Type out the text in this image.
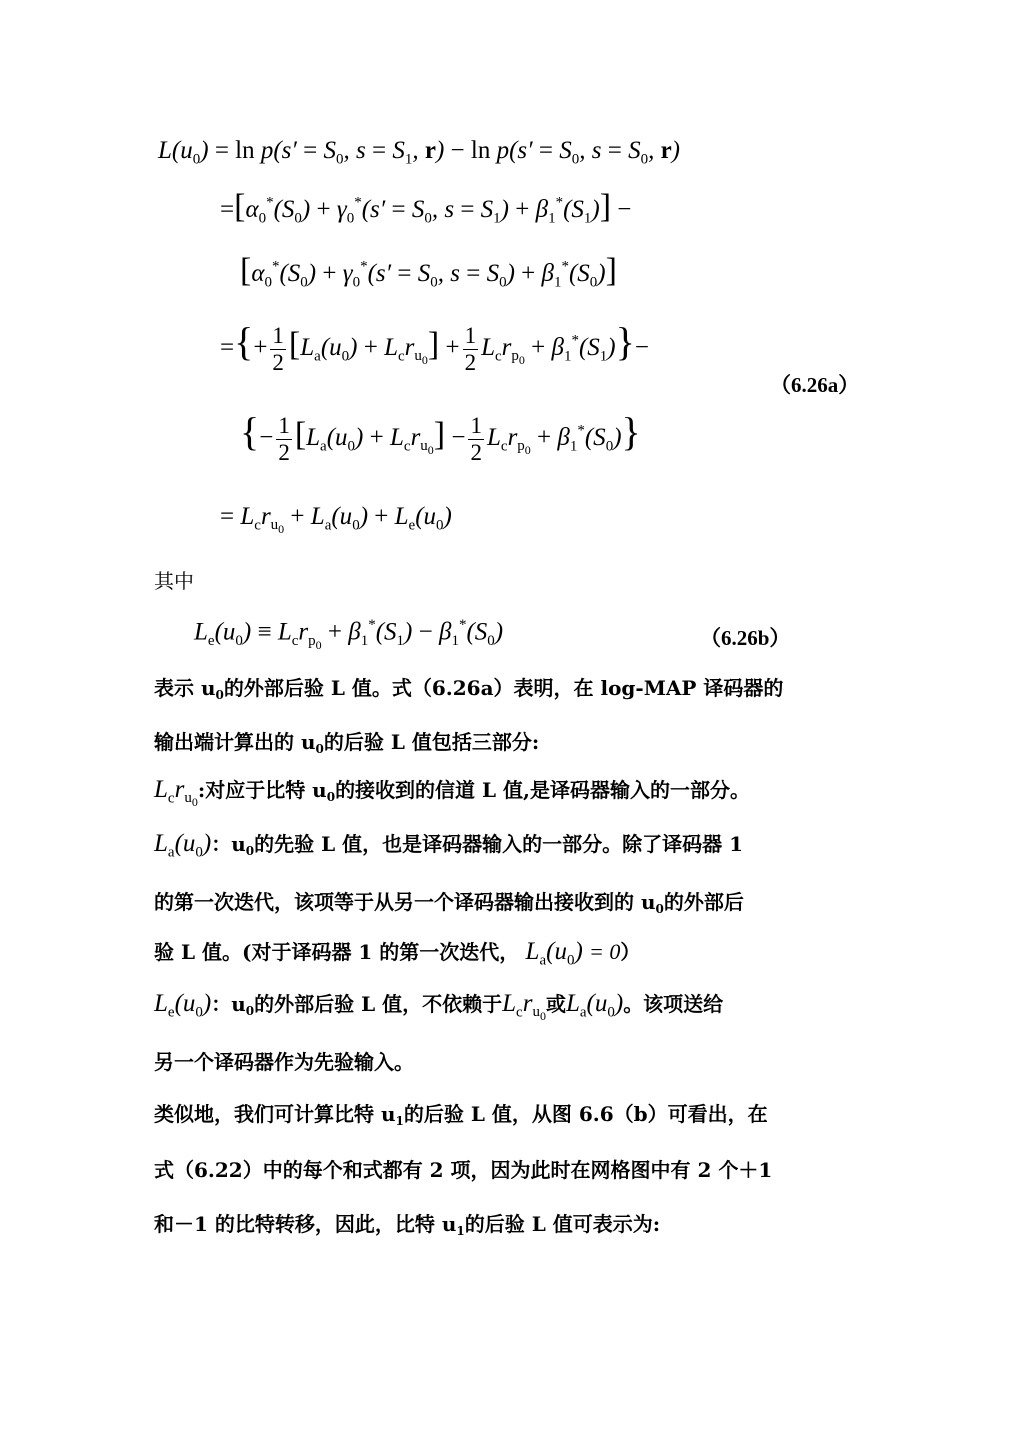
$L(u_0) = \ln p(s' = S_0$, $s = S_1$, $r) - \ln p(s' = S_0$, $s = S_0$, r)
$=[\alpha_0^*(S_0) + \gamma_0^*(s' = S_0$, $s = S_1) + \beta_1^*(S_1)$] −
[$\alpha_0^*(S_0) + \gamma_0^*(s' = S_0$, $s = S_0) + \beta_1^*(S_0)$]
={+ $\frac{1}{2} [L_a(u_0) + L_cr_{u_0}] + \frac{1}{2} L_cr_{p_0} + \beta_1^*(S_1)\}-$
（6.26a）
{− $\frac{1}{2} [L_a(u_0) + L_cr_{u_0}] - \frac{1}{2} L_cr_{p_0} + \beta_1^*(S_0)$}
= $L_cr_{u_0} + L_a(u_0) + L_e(u_0)$
其中
$L_e(u_0) \equiv L_cr_{p_0} + \beta_1^*(S_1) - \beta_1^*(S_0)$	（6.26b）
表示 $u_0$的外部后验 L 值。式（6.26a）表明，在 log-MAP 译码器的
输出端计算出的 $u_0$的后验 L 值包括三部分:
$L_cr_{u_0}$:对应于比特 $u_0$的接收到的信道 L 值,是译码器输入的一部分。
$L_a(u_0)$：$u_0$的先验 L 值，也是译码器输入的一部分。除了译码器 1
的第一次迭代，该项等于从另一个译码器输出接收到的 $u_0$的外部后
验 L 值。(对于译码器 1 的第一次迭代， $L_a(u_0) = 0$）
$L_e(u_0)$：$u_0$的外部后验 L 值，不依赖于$L_cr_{u_0}$或$L_a(u_0)$。该项送给
另一个译码器作为先验输入。
类似地，我们可计算比特 $u_1$的后验 L 值，从图 6.6（b）可看出，在
式（6.22）中的每个和式都有 2 项，因为此时在网格图中有 2 个＋1
和－1 的比特转移，因此，比特 $u_1$的后验 L 值可表示为:
